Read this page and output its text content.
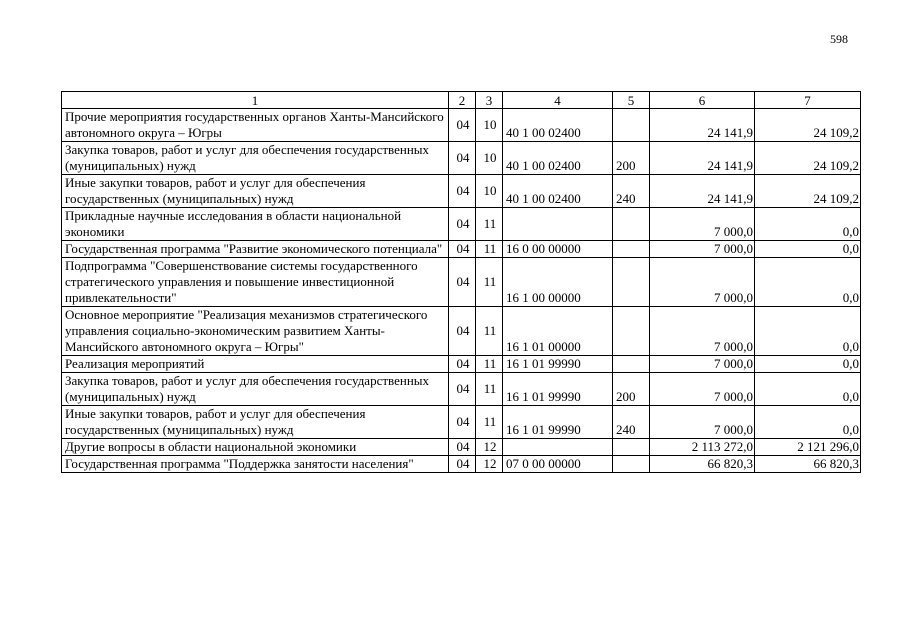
598
1	2	3	4	5	6	7
Прочие мероприятия государственных органов Ханты-Мансийского автономного округа – Югры	04	10	40 1 00 02400		24 141,9	24 109,2
Закупка товаров, работ и услуг для обеспечения государственных (муниципальных) нужд	04	10	40 1 00 02400	200	24 141,9	24 109,2
Иные закупки товаров, работ и услуг для обеспечения государственных (муниципальных) нужд	04	10	40 1 00 02400	240	24 141,9	24 109,2
Прикладные научные исследования в области национальной экономики	04	11			7 000,0	0,0
Государственная программа "Развитие экономического потенциала"	04	11	16 0 00 00000		7 000,0	0,0
Подпрограмма "Совершенствование системы государственного стратегического управления и повышение инвестиционной привлекательности"	04	11	16 1 00 00000		7 000,0	0,0
Основное мероприятие "Реализация механизмов стратегического управления социально-экономическим развитием Ханты-Мансийского автономного округа – Югры"	04	11	16 1 01 00000		7 000,0	0,0
Реализация мероприятий	04	11	16 1 01 99990		7 000,0	0,0
Закупка товаров, работ и услуг для обеспечения государственных (муниципальных) нужд	04	11	16 1 01 99990	200	7 000,0	0,0
Иные закупки товаров, работ и услуг для обеспечения государственных (муниципальных) нужд	04	11	16 1 01 99990	240	7 000,0	0,0
Другие вопросы в области национальной экономики	04	12			2 113 272,0	2 121 296,0
Государственная программа "Поддержка занятости населения"	04	12	07 0 00 00000		66 820,3	66 820,3
